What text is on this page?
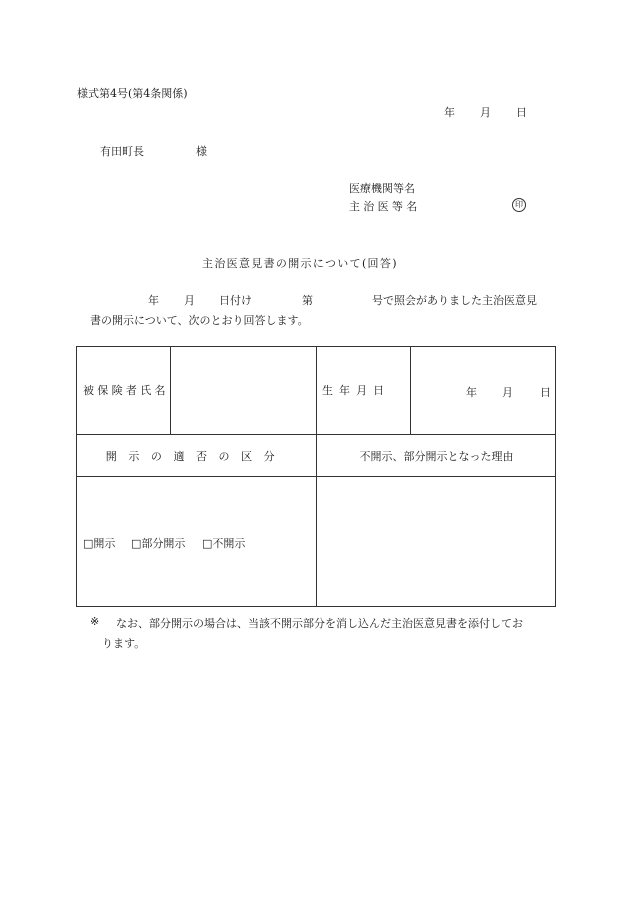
様式第4号(第4条関係)
年 月 日
有田町長	様
医療機関等名
主治医等名	印
主治医意見書の開示について(回答)
年 月 日付け	第	号で照会がありました主治医意見
書の開示について、次のとおり回答します。
被保険者氏名	生年月日	年 月 日
開示の適否の区分	不開示、部分開示となった理由
□開示 □部分開示 □不開示
※ なお、部分開示の場合は、当該不開示部分を消し込んだ主治医意見書を添付してお
ります。
